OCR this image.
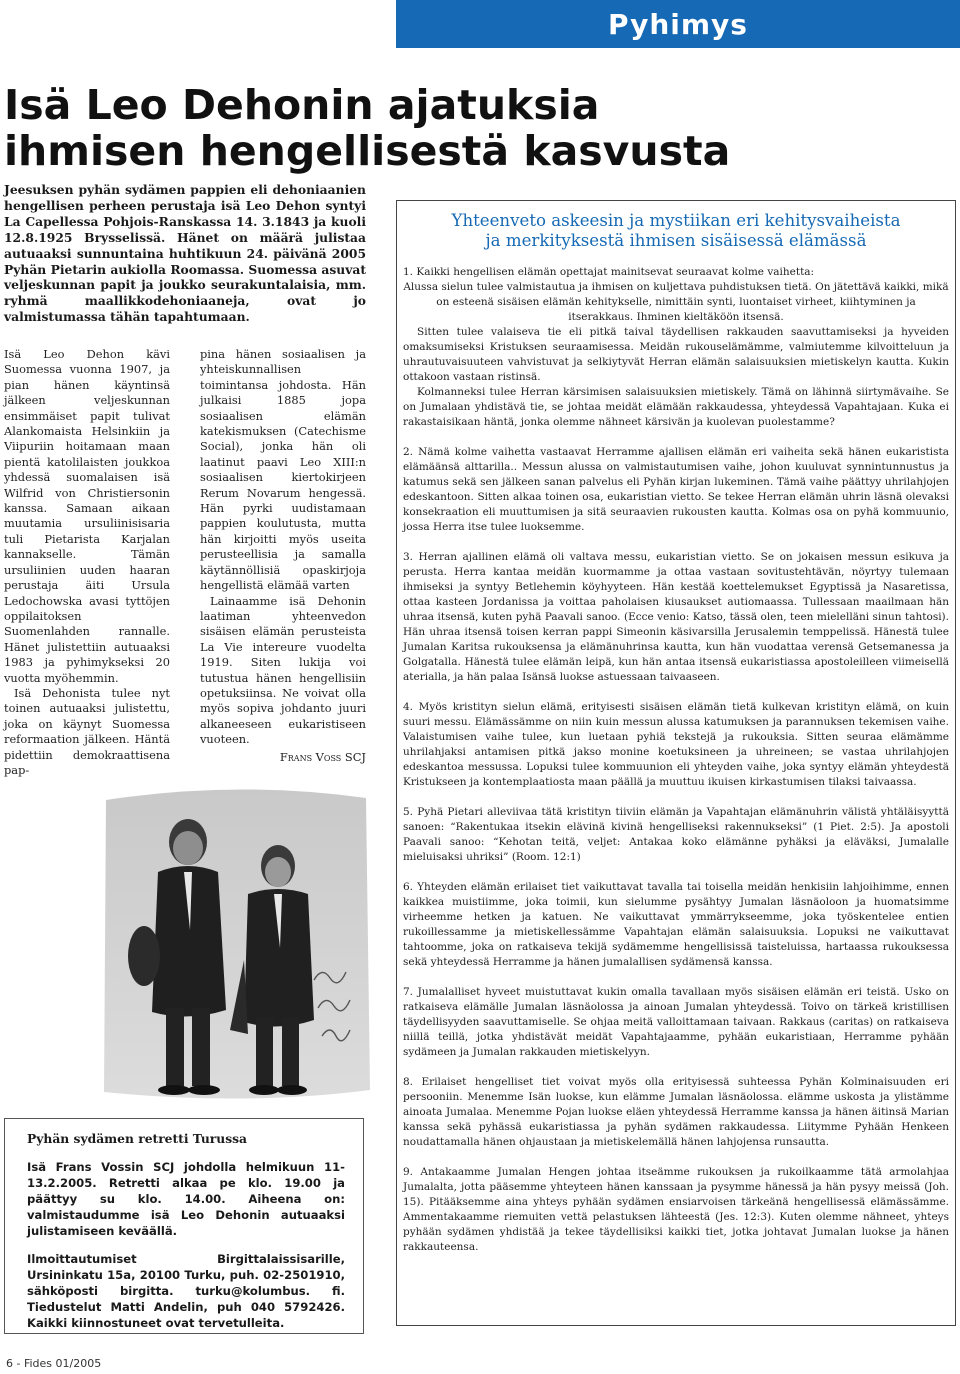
Pyhimys
Isä Leo Dehonin ajatuksia
ihmisen hengellisestä kasvusta
Jeesuksen pyhän sydämen pappien eli dehoniaanien hengellisen perheen perustaja isä Leo Dehon syntyi La Capellessa Pohjois-Ranskassa 14. 3.1843 ja kuoli 12.8.1925 Brysselissä. Hänet on määrä julistaa autuaaksi sunnuntaina huhtikuun 24. päivänä 2005 Pyhän Pietarin aukiolla Roomassa. Suomessa asuvat veljeskunnan papit ja joukko seurakuntalaisia, mm. ryhmä maallikkodehoniaaneja, ovat jo valmistumassa tähän tapahtumaan.

Isä Leo Dehon kävi Suomessa vuonna 1907, ja pian hänen käyntinsä jälkeen veljeskunnan ensimmäiset papit tulivat Alankomaista Helsinkiin ja Viipuriin hoitamaan maan pientä katolilaisten joukkoa yhdessä suomalaisen isä Wilfrid von Christiersonin kanssa. Samaan aikaan muutamia ursuliinisisaria tuli Pietarista Karjalan kannakselle. Tämän ursuliinien uuden haaran perustaja äiti Ursula Ledochowska avasi tyttöjen oppilaitoksen Suomenlahden rannalle. Hänet julistettiin autuaaksi 1983 ja pyhimykseksi 20 vuotta myöhemmin.

Isä Dehonista tulee nyt toinen autuaaksi julistettu, joka on käynyt Suomessa reformaation jälkeen. Häntä pidettiin demokraattisena pap-

pina hänen sosiaalisen ja yhteiskunnallisen toimintansa johdosta. Hän julkaisi 1885 jopa sosiaalisen elämän katekismuksen (Catechisme Social), jonka hän oli laatinut paavi Leo XIII:n sosiaalisen kiertokirjeen Rerum Novarum hengessä. Hän pyrki uudistamaan pappien koulutusta, mutta hän kirjoitti myös useita perusteellisia ja samalla käytännöllisiä opaskirjoja hengellistä elämää varten

Lainaamme isä Dehonin laatiman yhteenvedon sisäisen elämän perusteista La Vie intereure vuodelta 1919. Siten lukija voi tutustua hänen hengellisiin opetuksiinsa. Ne voivat olla myös sopiva johdanto juuri alkaneeseen eukaristiseen vuoteen.

Frans Voss SCJ
Pyhän sydämen retretti Turussa
Isä Frans Vossin SCJ johdolla helmikuun 11-13.2.2005. Retretti alkaa pe klo. 19.00 ja päättyy su klo. 14.00. Aiheena on: valmistaudumme isä Leo Dehonin autuaaksi julistamiseen keväällä.
Ilmoittautumiset Birgittalaissisarille, Ursininkatu 15a, 20100 Turku, puh. 02-2501910, sähköposti birgitta. turku@kolumbus. fi. Tiedustelut Matti Andelin, puh 040 5792426. Kaikki kiinnostuneet ovat tervetulleita.
6 - Fides 01/2005
Yhteenveto askeesin ja mystiikan eri kehitysvaiheista
ja merkityksestä ihmisen sisäisessä elämässä

1. Kaikki hengellisen elämän opettajat mainitsevat seuraavat kolme vaihetta:

Alussa sielun tulee valmistautua ja ihmisen on kuljettava puhdistuksen tietä. On jätettävä kaikki, mikä on esteenä sisäisen elämän kehitykselle, nimittäin synti, luontaiset virheet, kiihtyminen ja itserakkaus. Ihminen kieltäköön itsensä.

Sitten tulee valaiseva tie eli pitkä taival täydellisen rakkauden saavuttamiseksi ja hyveiden omaksumiseksi Kristuksen seuraamisessa. Meidän rukouselämämme, valmiutemme kilvoitteluun ja uhrautuvaisuuteen vahvistuvat ja selkiytyvät Herran elämän salaisuuksien mietiskelyn kautta. Kukin ottakoon vastaan ristinsä.

Kolmanneksi tulee Herran kärsimisen salaisuuksien mietiskely. Tämä on lähinnä siirtymävaihe. Se on Jumalaan yhdistävä tie, se johtaa meidät elämään rakkaudessa, yhteydessä Vapahtajaan. Kuka ei rakastaisikaan häntä, jonka olemme nähneet kärsivän ja kuolevan puolestamme?

2. Nämä kolme vaihetta vastaavat Herramme ajallisen elämän eri vaiheita sekä hänen eukaristista elämäänsä alttarilla.. Messun alussa on valmistautumisen vaihe, johon kuuluvat synnintunnustus ja katumus sekä sen jälkeen sanan palvelus eli Pyhän kirjan lukeminen. Tämä vaihe päättyy uhrilahjojen edeskantoon. Sitten alkaa toinen osa, eukaristian vietto. Se tekee Herran elämän uhrin läsnä olevaksi konsekraation eli muuttumisen ja sitä seuraavien rukousten kautta. Kolmas osa on pyhä kommuunio, jossa Herra itse tulee luoksemme.

3. Herran ajallinen elämä oli valtava messu, eukaristian vietto. Se on jokaisen messun esikuva ja perusta. Herra kantaa meidän kuormamme ja ottaa vastaan sovitustehtävän, nöyrtyy tulemaan ihmiseksi ja syntyy Betlehemin köyhyyteen. Hän kestää koettelemukset Egyptissä ja Nasaretissa, ottaa kasteen Jordanissa ja voittaa paholaisen kiusaukset autiomaassa. Tullessaan maailmaan hän uhraa itsensä, kuten pyhä Paavali sanoo. (Ecce venio: Katso, tässä olen, teen mielelläni sinun tahtosi). Hän uhraa itsensä toisen kerran pappi Simeonin käsivarsilla Jerusalemin temppelissä. Hänestä tulee Jumalan Karitsa rukouksensa ja elämänuhrinsa kautta, kun hän vuodattaa verensä Getsemanessa ja Golgatalla. Hänestä tulee elämän leipä, kun hän antaa itsensä eukaristiassa apostoleilleen viimeisellä aterialla, ja hän palaa Isänsä luokse astuessaan taivaaseen.

4. Myös kristityn sielun elämä, erityisesti sisäisen elämän tietä kulkevan kristityn elämä, on kuin suuri messu. Elämässämme on niin kuin messun alussa katumuksen ja parannuksen tekemisen vaihe. Valaistumisen vaihe tulee, kun luetaan pyhiä tekstejä ja rukouksia. Sitten seuraa elämämme uhrilahjaksi antamisen pitkä jakso monine koetuksineen ja uhreineen; se vastaa uhrilahjojen edeskantoa messussa. Lopuksi tulee kommuunion eli yhteyden vaihe, joka syntyy elämän yhteydestä Kristukseen ja kontemplaatiosta maan päällä ja muuttuu ikuisen kirkastumisen tilaksi taivaassa.

5. Pyhä Pietari alleviivaa tätä kristityn tiiviin elämän ja Vapahtajan elämänuhrin välistä yhtäläisyyttä sanoen: “Rakentukaa itsekin elävinä kivinä hengelliseksi rakennukseksi” (1 Piet. 2:5). Ja apostoli Paavali sanoo: “Kehotan teitä, veljet: Antakaa koko elämänne pyhäksi ja eläväksi, Jumalalle mieluisaksi uhriksi” (Room. 12:1)

6. Yhteyden elämän erilaiset tiet vaikuttavat tavalla tai toisella meidän henkisiin lahjoihimme, ennen kaikkea muistiimme, joka toimii, kun sielumme pysähtyy Jumalan läsnäoloon ja huomatsimme virheemme hetken ja katuen. Ne vaikuttavat ymmärrykseemme, joka työskentelee entien rukoillessamme ja mietiskellessämme Vapahtajan elämän salaisuuksia. Lopuksi ne vaikuttavat tahtoomme, joka on ratkaiseva tekijä sydämemme hengellisissä taisteluissa, hartaassa rukouksessa sekä yhteydessä Herramme ja hänen jumalallisen sydämensä kanssa.

7. Jumalalliset hyveet muistuttavat kukin omalla tavallaan myös sisäisen elämän eri teistä. Usko on ratkaiseva elämälle Jumalan läsnäolossa ja ainoan Jumalan yhteydessä. Toivo on tärkeä kristillisen täydellisyyden saavuttamiselle. Se ohjaa meitä valloittamaan taivaan. Rakkaus (caritas) on ratkaiseva niillä teillä, jotka yhdistävät meidät Vapahtajaamme, pyhään eukaristiaan, Herramme pyhään sydämeen ja Jumalan rakkauden mietiskelyyn.

8. Erilaiset hengelliset tiet voivat myös olla erityisessä suhteessa Pyhän Kolminaisuuden eri persooniin. Menemme Isän luokse, kun elämme Jumalan läsnäolossa. elämme uskosta ja ylistämme ainoata Jumalaa. Menemme Pojan luokse eläen yhteydessä Herramme kanssa ja hänen äitinsä Marian kanssa sekä pyhässä eukaristiassa ja pyhän sydämen rakkaudessa. Liitymme Pyhään Henkeen noudattamalla hänen ohjaustaan ja mietiskelemällä hänen lahjojensa runsautta.

9. Antakaamme Jumalan Hengen johtaa itseämme rukouksen ja rukoilkaamme tätä armolahjaa Jumalalta, jotta pääsemme yhteyteen hänen kanssaan ja pysymme hänessä ja hän pysyy meissä (Joh. 15). Pitääksemme aina yhteys pyhään sydämen ensiarvoisen tärkeänä hengellisessä elämässämme. Ammentakaamme riemuiten vettä pelastuksen lähteestä (Jes. 12:3). Kuten olemme nähneet, yhteys pyhään sydämen yhdistää ja tekee täydellisiksi kaikki tiet, jotka johtavat Jumalan luokse ja hänen rakkauteensa.
